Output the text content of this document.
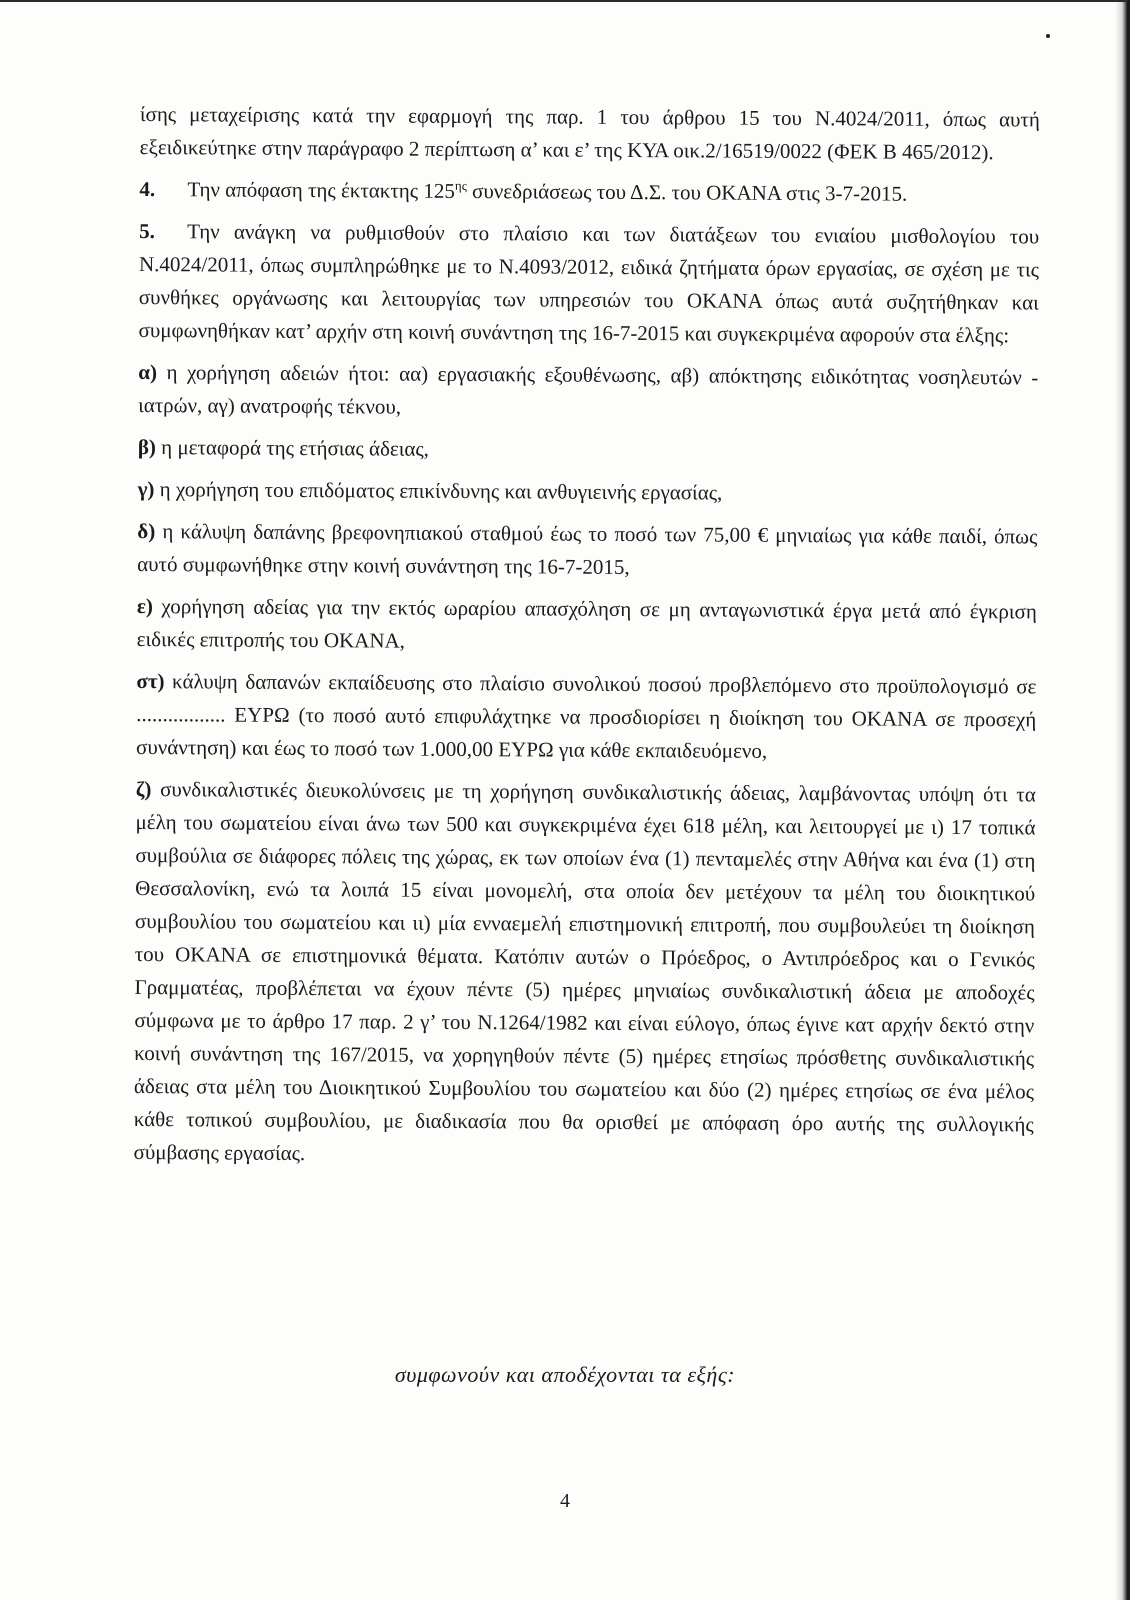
ίσης μεταχείρισης κατά την εφαρμογή της παρ. 1 του άρθρου 15 του Ν.4024/2011, όπως αυτή εξειδικεύτηκε στην παράγραφο 2 περίπτωση α’ και ε’ της ΚΥΑ οικ.2/16519/0022 (ΦΕΚ Β 465/2012).

4. Την απόφαση της έκτακτης $125^{\eta\varsigma}$ συνεδριάσεως του Δ.Σ. του ΟΚΑΝΑ στις 3-7-2015.

5. Την ανάγκη να ρυθμισθούν στο πλαίσιο και των διατάξεων του ενιαίου μισθολογίου του Ν.4024/2011, όπως συμπληρώθηκε με το Ν.4093/2012, ειδικά ζητήματα όρων εργασίας, σε σχέση με τις συνθήκες οργάνωσης και λειτουργίας των υπηρεσιών του ΟΚΑΝΑ όπως αυτά συζητήθηκαν και συμφωνηθήκαν κατ’ αρχήν στη κοινή συνάντηση της 16-7-2015 και συγκεκριμένα αφορούν στα έλξης:

α) η χορήγηση αδειών ήτοι: αα) εργασιακής εξουθένωσης, αβ) απόκτησης ειδικότητας νοσηλευτών - ιατρών, αγ) ανατροφής τέκνου,

β) η μεταφορά της ετήσιας άδειας,

γ) η χορήγηση του επιδόματος επικίνδυνης και ανθυγιεινής εργασίας,

δ) η κάλυψη δαπάνης βρεφονηπιακού σταθμού έως το ποσό των 75,00 € μηνιαίως για κάθε παιδί, όπως αυτό συμφωνήθηκε στην κοινή συνάντηση της 16-7-2015,

ε) χορήγηση αδείας για την εκτός ωραρίου απασχόληση σε μη ανταγωνιστικά έργα μετά από έγκριση ειδικές επιτροπής του ΟΚΑΝΑ,

στ) κάλυψη δαπανών εκπαίδευσης στο πλαίσιο συνολικού ποσού προβλεπόμενο στο προϋπολογισμό σε ................. ΕΥΡΩ (το ποσό αυτό επιφυλάχτηκε να προσδιορίσει η διοίκηση του ΟΚΑΝΑ σε προσεχή συνάντηση) και έως το ποσό των 1.000,00 ΕΥΡΩ για κάθε εκπαιδευόμενο,

ζ) συνδικαλιστικές διευκολύνσεις με τη χορήγηση συνδικαλιστικής άδειας, λαμβάνοντας υπόψη ότι τα μέλη του σωματείου είναι άνω των 500 και συγκεκριμένα έχει 618 μέλη, και λειτουργεί με ι) 17 τοπικά συμβούλια σε διάφορες πόλεις της χώρας, εκ των οποίων ένα (1) πενταμελές στην Αθήνα και ένα (1) στη Θεσσαλονίκη, ενώ τα λοιπά 15 είναι μονομελή, στα οποία δεν μετέχουν τα μέλη του διοικητικού συμβουλίου του σωματείου και ιι) μία ενναεμελή επιστημονική επιτροπή, που συμβουλεύει τη διοίκηση του ΟΚΑΝΑ σε επιστημονικά θέματα. Κατόπιν αυτών ο Πρόεδρος, ο Αντιπρόεδρος και ο Γενικός Γραμματέας, προβλέπεται να έχουν πέντε (5) ημέρες μηνιαίως συνδικαλιστική άδεια με αποδοχές σύμφωνα με το άρθρο 17 παρ. 2 γ’ του Ν.1264/1982 και είναι εύλογο, όπως έγινε κατ αρχήν δεκτό στην κοινή συνάντηση της 167/2015, να χορηγηθούν πέντε (5) ημέρες ετησίως πρόσθετης συνδικαλιστικής άδειας στα μέλη του Διοικητικού Συμβουλίου του σωματείου και δύο (2) ημέρες ετησίως σε ένα μέλος κάθε τοπικού συμβουλίου, με διαδικασία που θα ορισθεί με απόφαση όρο αυτής της συλλογικής σύμβασης εργασίας.

συμφωνούν και αποδέχονται τα εξής:
4
